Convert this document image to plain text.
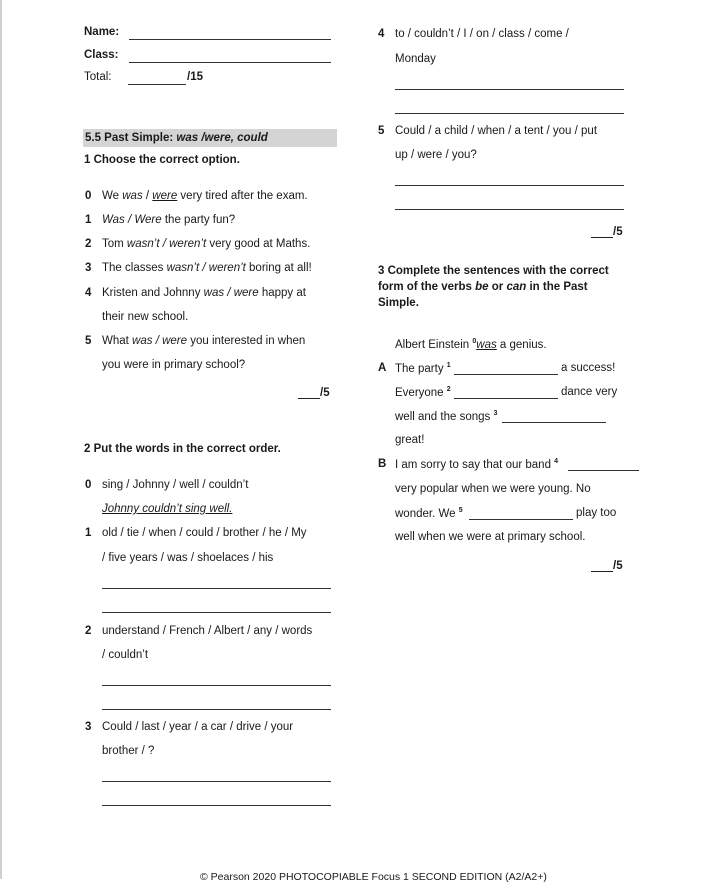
Name:
Class:
Total:	/15
5.5 Past Simple: was /were, could
1 Choose the correct option.
0 We was / were very tired after the exam.
1 Was / Were the party fun?
2 Tom wasn’t / weren’t very good at Maths.
3 The classes wasn’t / weren’t boring at all!
4 Kristen and Johnny was / were happy at
their new school.
5 What was / were you interested in when
you were in primary school?
/5
2 Put the words in the correct order.
0 sing / Johnny / well / couldn’t
Johnny couldn’t sing well.
1 old / tie / when / could / brother / he / My
/ five years / was / shoelaces / his
2 understand / French / Albert / any / words
/ couldn’t
3 Could / last / year / a car / drive / your
brother / ?
4 to / couldn’t / I / on / class / come /
Monday
5 Could / a child / when / a tent / you / put
up / were / you?
/5
3 Complete the sentences with the correct
form of the verbs be or can in the Past
Simple.
Albert Einstein $^0$was a genius.
A The party $^1$	a success!
Everyone $^2$	dance very
well and the songs $^3$
great!
B I am sorry to say that our band $^4$
very popular when we were young. No
wonder. We $^5$	play too
well when we were at primary school.
/5
© Pearson 2020 PHOTOCOPIABLE Focus 1 SECOND EDITION (A2/A2+)
